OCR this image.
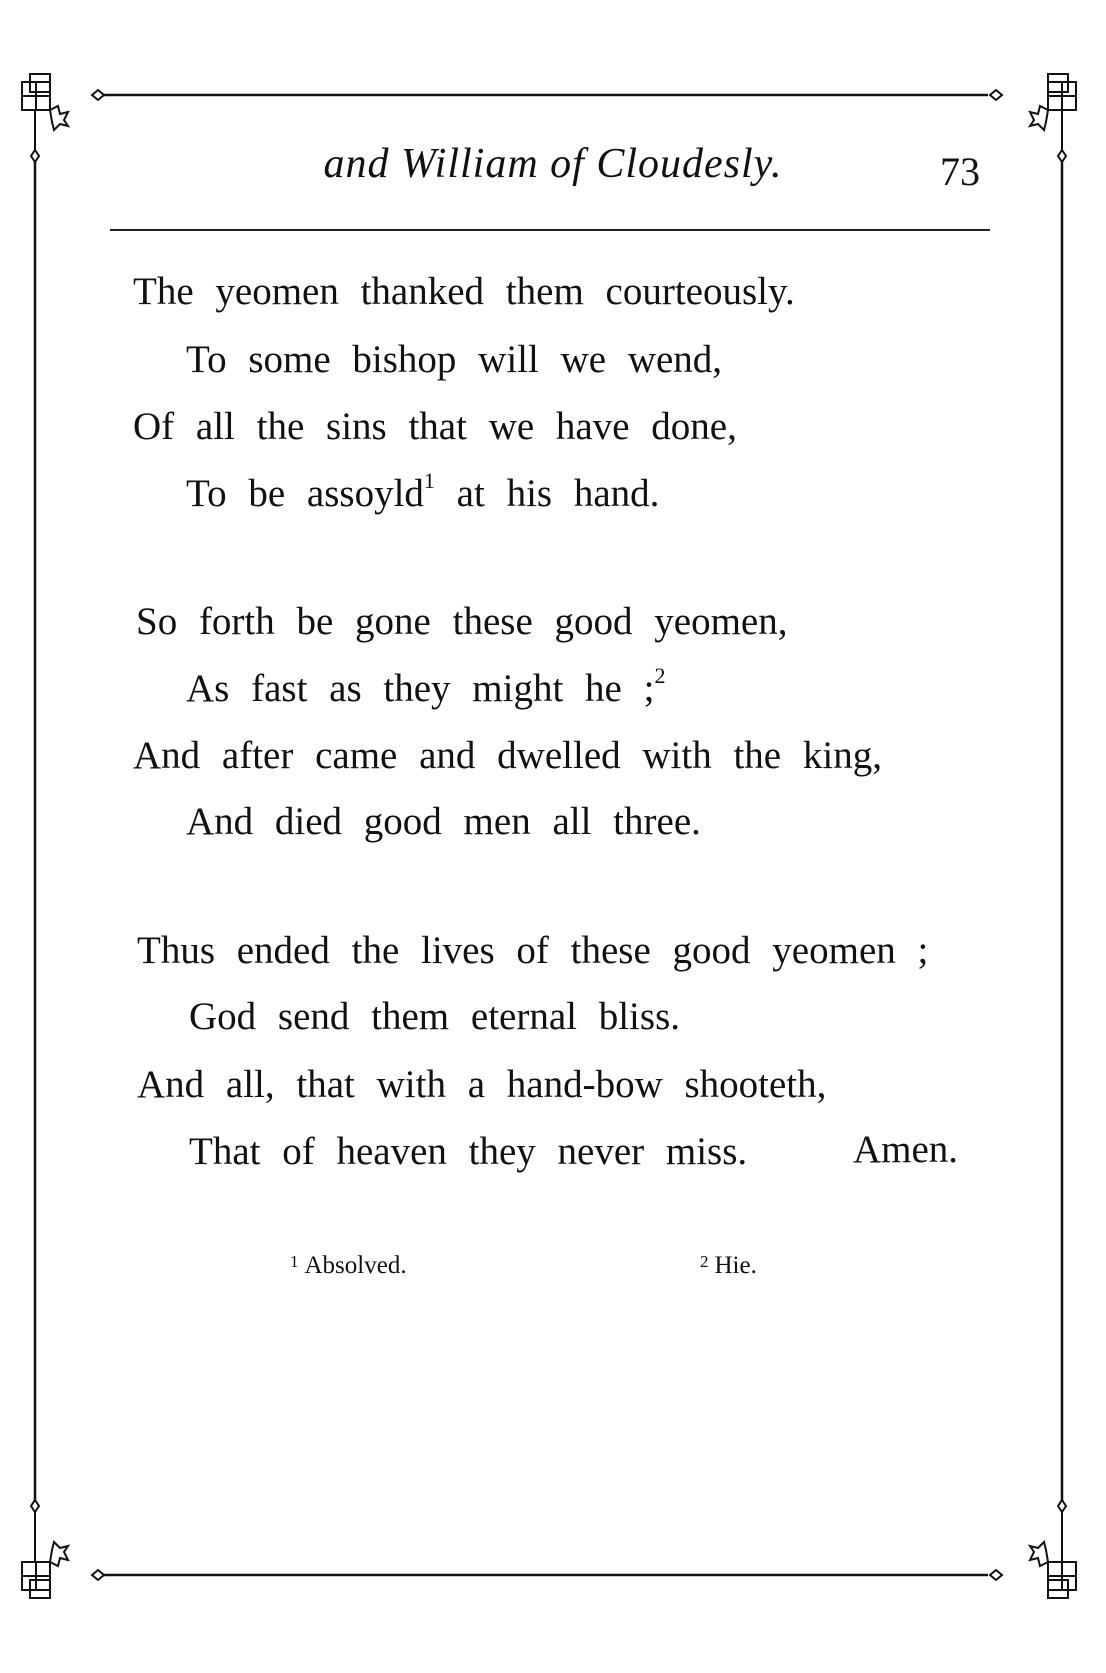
and William of Cloudesly.	73
The yeomen thanked them courteously.
To some bishop will we wend,
Of all the sins that we have done,
To be assoyld$^1$ at his hand.
So forth be gone these good yeomen,
As fast as they might he ;$^2$
And after came and dwelled with the king,
And died good men all three.
Thus ended the lives of these good yeomen ;
God send them eternal bliss.
And all, that with a hand-bow shooteth,
That of heaven they never miss.	Amen.
$^1$ Absolved.	$^2$ Hie.
